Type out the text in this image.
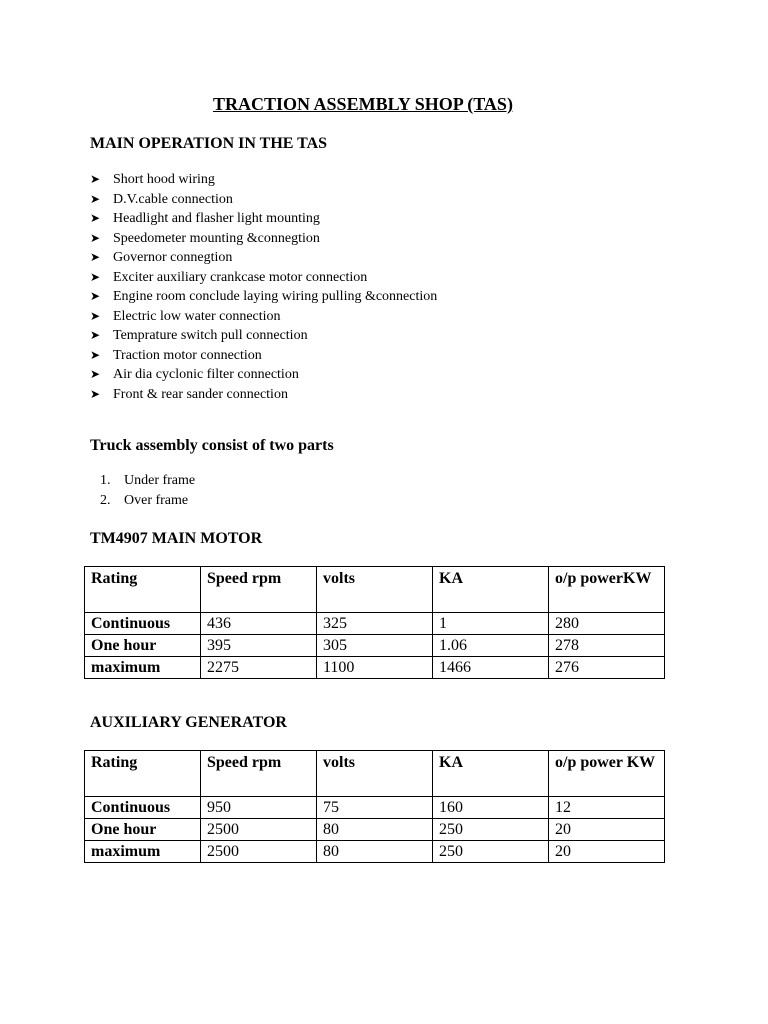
TRACTION ASSEMBLY SHOP (TAS)
MAIN OPERATION IN THE TAS
➤ Short hood wiring
➤ D.V.cable connection
➤ Headlight and flasher light mounting
➤ Speedometer mounting &connegtion
➤ Governor connegtion
➤ Exciter auxiliary crankcase motor connection
➤ Engine room conclude laying wiring pulling &connection
➤ Electric low water connection
➤ Temprature switch pull connection
➤ Traction motor connection
➤ Air dia cyclonic filter connection
➤ Front & rear sander connection
Truck assembly consist of two parts
1. Under frame
2. Over frame
TM4907 MAIN MOTOR
Rating	Speed rpm	volts	KA	o/p powerKW
Continuous	436	325	1	280
One hour	395	305	1.06	278
maximum	2275	1100	1466	276
AUXILIARY GENERATOR
Rating	Speed rpm	volts	KA	o/p power KW
Continuous	950	75	160	12
One hour	2500	80	250	20
maximum	2500	80	250	20
